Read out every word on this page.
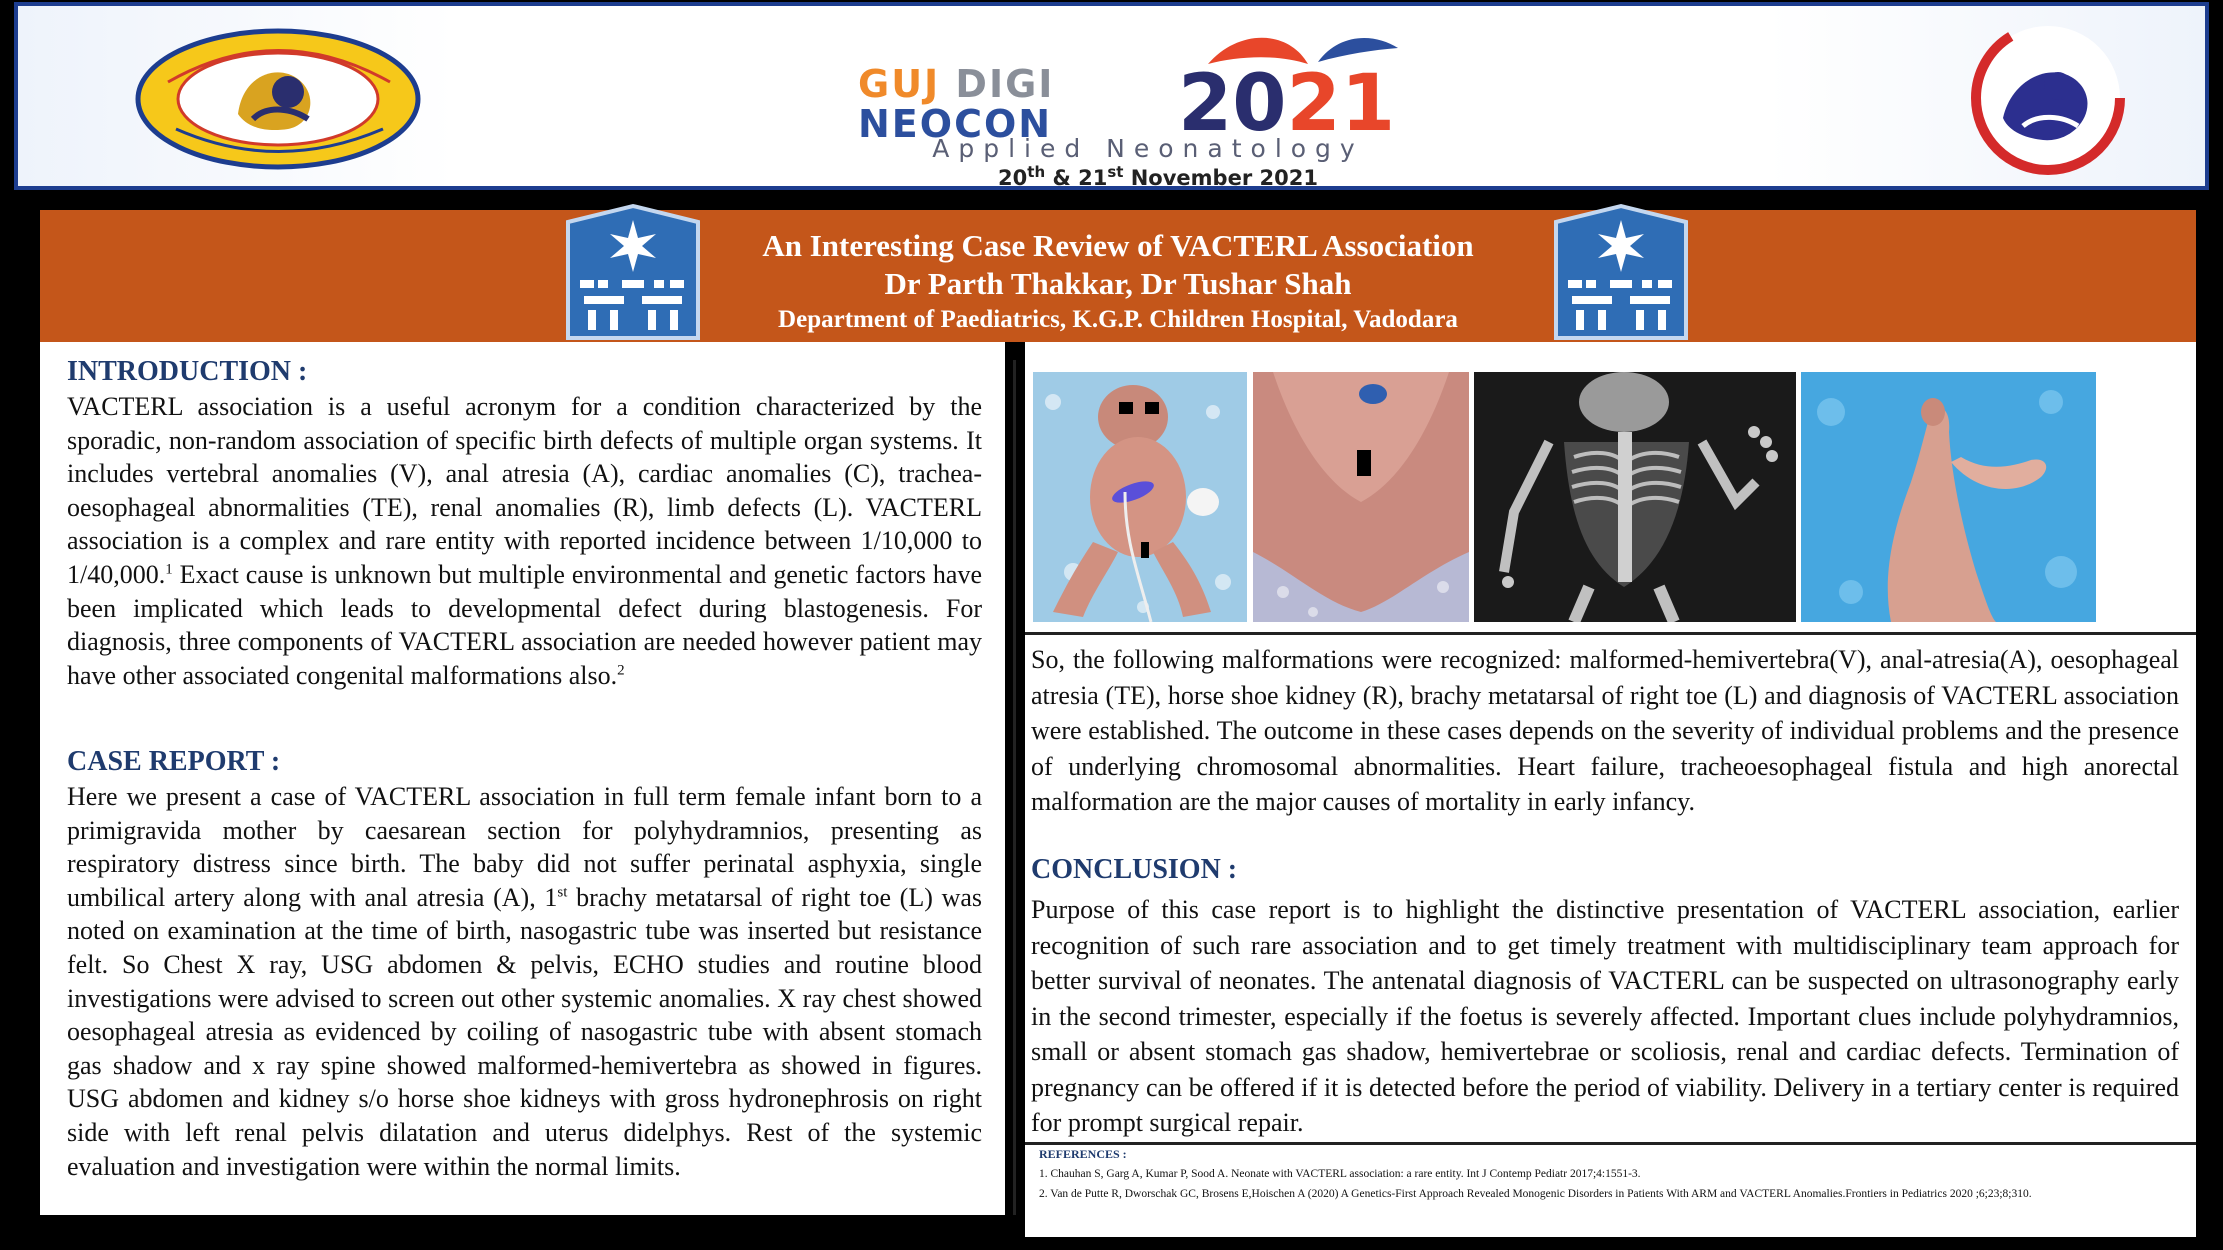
GUJ DIGI
NEOCON 2021
Applied Neonatology
20th & 21st November 2021
An Interesting Case Review of VACTERL Association
Dr Parth Thakkar, Dr Tushar Shah
Department of Paediatrics, K.G.P. Children Hospital, Vadodara
INTRODUCTION :

VACTERL association is a useful acronym for a condition characterized by the sporadic, non-random association of specific birth defects of multiple organ systems. It includes vertebral anomalies (V), anal atresia (A), cardiac anomalies (C), trachea-oesophageal abnormalities (TE), renal anomalies (R), limb defects (L). VACTERL association is a complex and rare entity with reported incidence between 1/10,000 to 1/40,000.$^1$ Exact cause is unknown but multiple environmental and genetic factors have been implicated which leads to developmental defect during blastogenesis. For diagnosis, three components of VACTERL association are needed however patient may have other associated congenital malformations also.$^2$

CASE REPORT :

Here we present a case of VACTERL association in full term female infant born to a primigravida mother by caesarean section for polyhydramnios, presenting as respiratory distress since birth. The baby did not suffer perinatal asphyxia, single umbilical artery along with anal atresia (A), 1st brachy metatarsal of right toe (L) was noted on examination at the time of birth, nasogastric tube was inserted but resistance felt. So Chest X ray, USG abdomen & pelvis, ECHO studies and routine blood investigations were advised to screen out other systemic anomalies. X ray chest showed oesophageal atresia as evidenced by coiling of nasogastric tube with absent stomach gas shadow and x ray spine showed malformed-hemivertebra as showed in figures. USG abdomen and kidney s/o horse shoe kidneys with gross hydronephrosis on right side with left renal pelvis dilatation and uterus didelphys. Rest of the systemic evaluation and investigation were within the normal limits.

So, the following malformations were recognized: malformed-hemivertebra(V), anal-atresia(A), oesophageal atresia (TE), horse shoe kidney (R), brachy metatarsal of right toe (L) and diagnosis of VACTERL association were established. The outcome in these cases depends on the severity of individual problems and the presence of underlying chromosomal abnormalities. Heart failure, tracheoesophageal fistula and high anorectal malformation are the major causes of mortality in early infancy.

CONCLUSION :

Purpose of this case report is to highlight the distinctive presentation of VACTERL association, earlier recognition of such rare association and to get timely treatment with multidisciplinary team approach for better survival of neonates. The antenatal diagnosis of VACTERL can be suspected on ultrasonography early in the second trimester, especially if the foetus is severely affected. Important clues include polyhydramnios, small or absent stomach gas shadow, hemivertebrae or scoliosis, renal and cardiac defects. Termination of pregnancy can be offered if it is detected before the period of viability. Delivery in a tertiary center is required for prompt surgical repair.

REFERENCES :
1. Chauhan S, Garg A, Kumar P, Sood A. Neonate with VACTERL association: a rare entity. Int J Contemp Pediatr 2017;4:1551-3.
2. Van de Putte R, Dworschak GC, Brosens E,Hoischen A (2020) A Genetics-First Approach Revealed Monogenic Disorders in Patients With ARM and VACTERL Anomalies.Frontiers in Pediatrics 2020 ;6;23;8;310.
